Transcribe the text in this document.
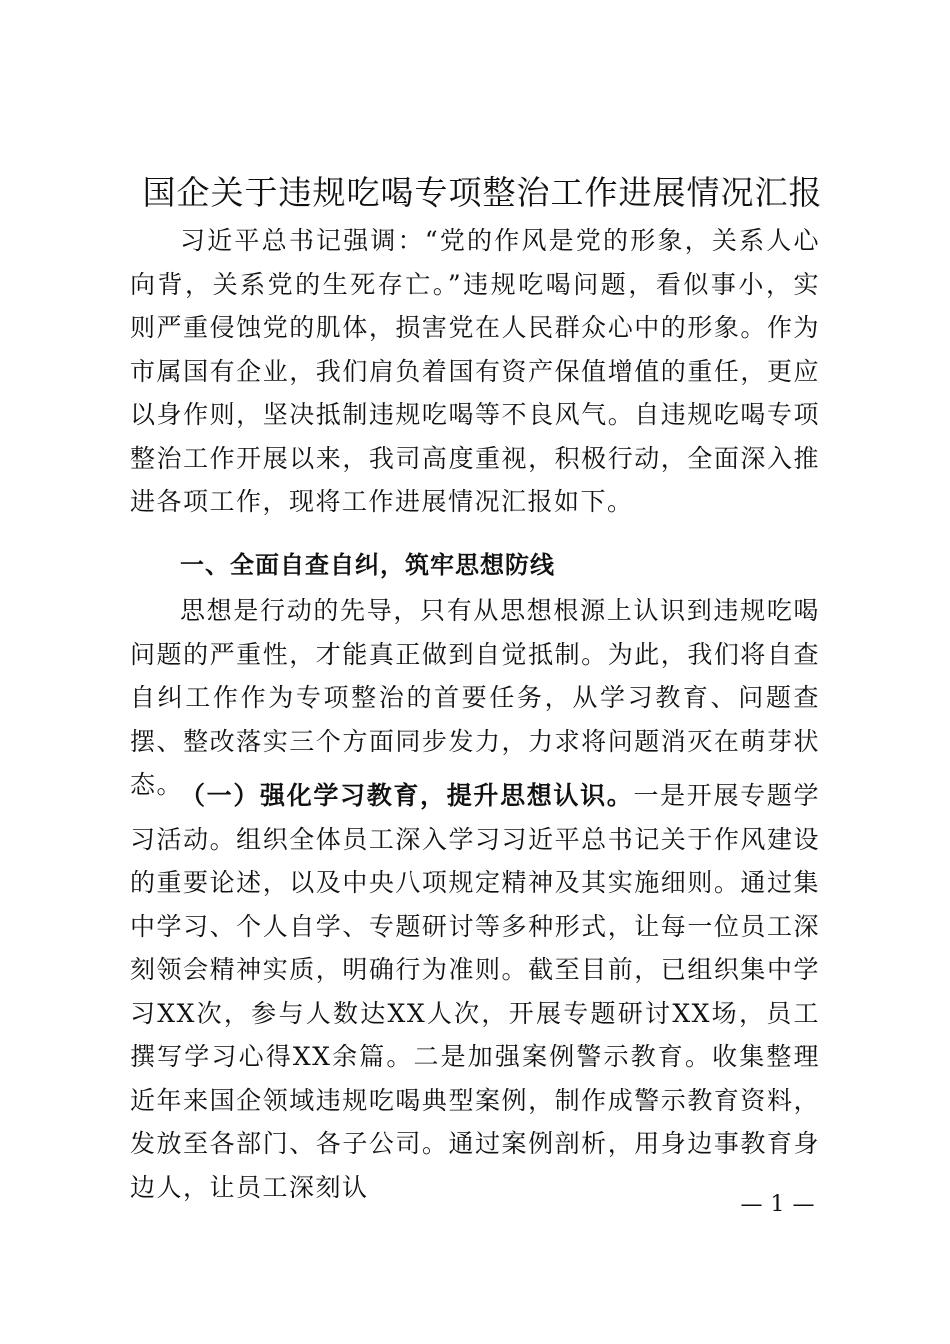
国企关于违规吃喝专项整治工作进展情况汇报

习近平总书记强调：“党的作风是党的形象，关系人心向背，关系党的生死存亡。”违规吃喝问题，看似事小，实则严重侵蚀党的肌体，损害党在人民群众心中的形象。作为市属国有企业，我们肩负着国有资产保值增值的重任，更应以身作则，坚决抵制违规吃喝等不良风气。自违规吃喝专项整治工作开展以来，我司高度重视，积极行动，全面深入推进各项工作，现将工作进展情况汇报如下。

一、全面自查自纠，筑牢思想防线

思想是行动的先导，只有从思想根源上认识到违规吃喝问题的严重性，才能真正做到自觉抵制。为此，我们将自查自纠工作作为专项整治的首要任务，从学习教育、问题查摆、整改落实三个方面同步发力，力求将问题消灭在萌芽状态。

（一）强化学习教育，提升思想认识。一是开展专题学习活动。组织全体员工深入学习习近平总书记关于作风建设的重要论述，以及中央八项规定精神及其实施细则。通过集中学习、个人自学、专题研讨等多种形式，让每一位员工深刻领会精神实质，明确行为准则。截至目前，已组织集中学习XX次，参与人数达XX人次，开展专题研讨XX场，员工撰写学习心得XX余篇。二是加强案例警示教育。收集整理近年来国企领域违规吃喝典型案例，制作成警示教育资料，发放至各部门、各子公司。通过案例剖析，用身边事教育身边人，让员工深刻认

— 1 —
